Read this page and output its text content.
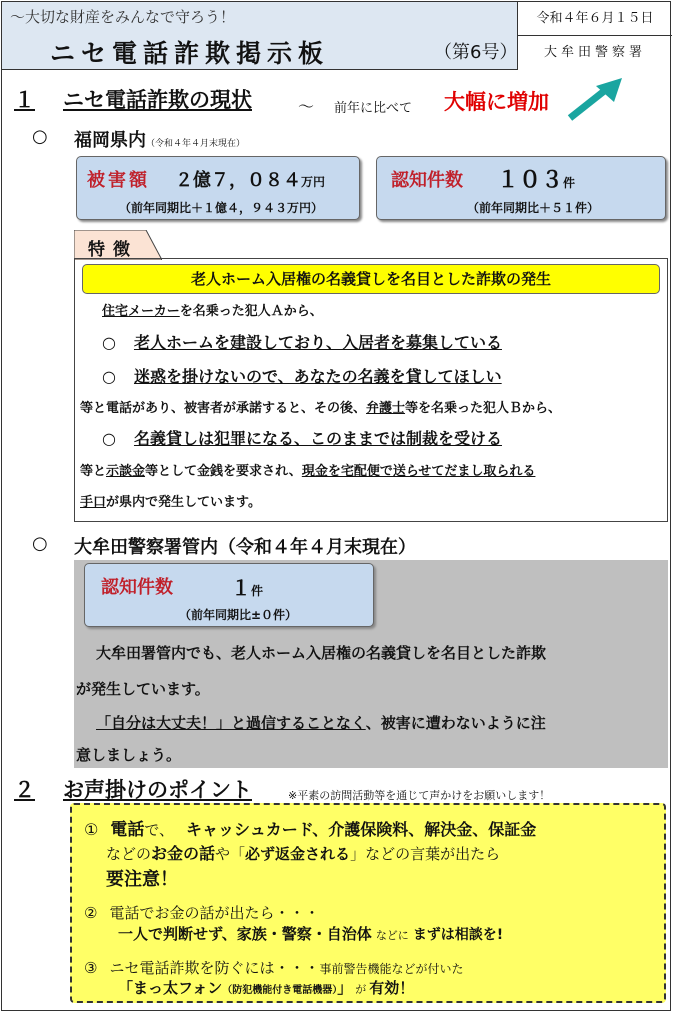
～大切な財産をみんなで守ろう！
ニセ電話詐欺掲示板	（第6号）
令和４年６月１５日
大牟田警察署
１ ニセ電話詐欺の現状	～ 前年に比べて 大幅に増加
○ 福岡県内（令和４年４月末現在）
被害額 ２億７，０８４万円
（前年同期比＋１億４，９４３万円）
認知件数 １０３件
（前年同期比＋５１件）
特徴
老人ホーム入居権の名義貸しを名目とした詐欺の発生
住宅メーカーを名乗った犯人Ａから、
○ 老人ホームを建設しており、入居者を募集している
○ 迷惑を掛けないので、あなたの名義を貸してほしい
等と電話があり、被害者が承諾すると、その後、弁護士等を名乗った犯人Ｂから、
○ 名義貸しは犯罪になる、このままでは制裁を受ける
等と示談金等として金銭を要求され、現金を宅配便で送らせてだまし取られる
手口が県内で発生しています。
○ 大牟田警察署管内（令和４年４月末現在）
大牟田署管内でも、老人ホーム入居権の名義貸しを名目とした詐欺
が発生しています。
「自分は大丈夫！」と過信することなく、被害に遭わないように注
意しましょう。
認知件数	１件
（前年同期比±０件）
２ お声掛けのポイント	※平素の訪問活動等を通じて声かけをお願いします！
① 電話で、 キャッシュカード、介護保険料、解決金、保証金
などのお金の話や「必ず返金される」などの言葉が出たら
要注意！
② 電話でお金の話が出たら・・・
一人で判断せず、家族・警察・自治体 などに まずは相談を!
③ ニセ電話詐欺を防ぐには・・・事前警告機能などが付いた
「まっ太フォン（防犯機能付き電話機器）」 が 有効！
